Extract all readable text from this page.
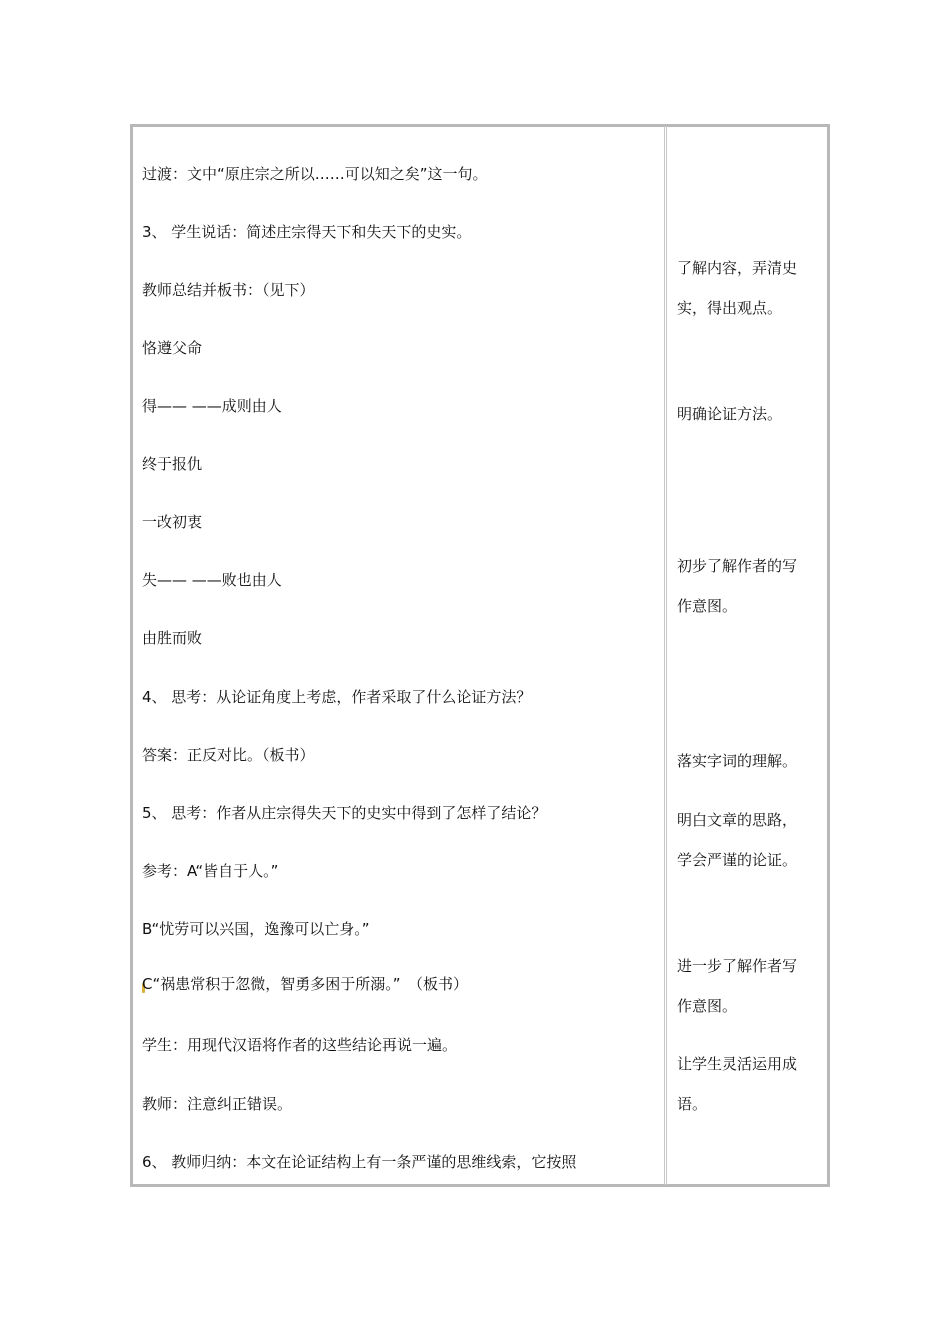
过渡：文中“原庄宗之所以……可以知之矣”这一句。
3、 学生说话：简述庄宗得天下和失天下的史实。
教师总结并板书：（见下）
恪遵父命
得—— ——成则由人
终于报仇
一改初衷
失—— ——败也由人
由胜而败
4、 思考：从论证角度上考虑，作者采取了什么论证方法？
答案：正反对比。（板书）
5、 思考：作者从庄宗得失天下的史实中得到了怎样了结论？
参考：A“皆自于人。”
B“忧劳可以兴国，逸豫可以亡身。”
C“祸患常积于忽微，智勇多困于所溺。”　（板书）
学生：用现代汉语将作者的这些结论再说一遍。
教师：注意纠正错误。
6、 教师归纳：本文在论证结构上有一条严谨的思维线索，它按照
了解内容，弄清史
实，得出观点。
明确论证方法。
初步了解作者的写
作意图。
落实字词的理解。
明白文章的思路，
学会严谨的论证。
进一步了解作者写
作意图。
让学生灵活运用成
语。
